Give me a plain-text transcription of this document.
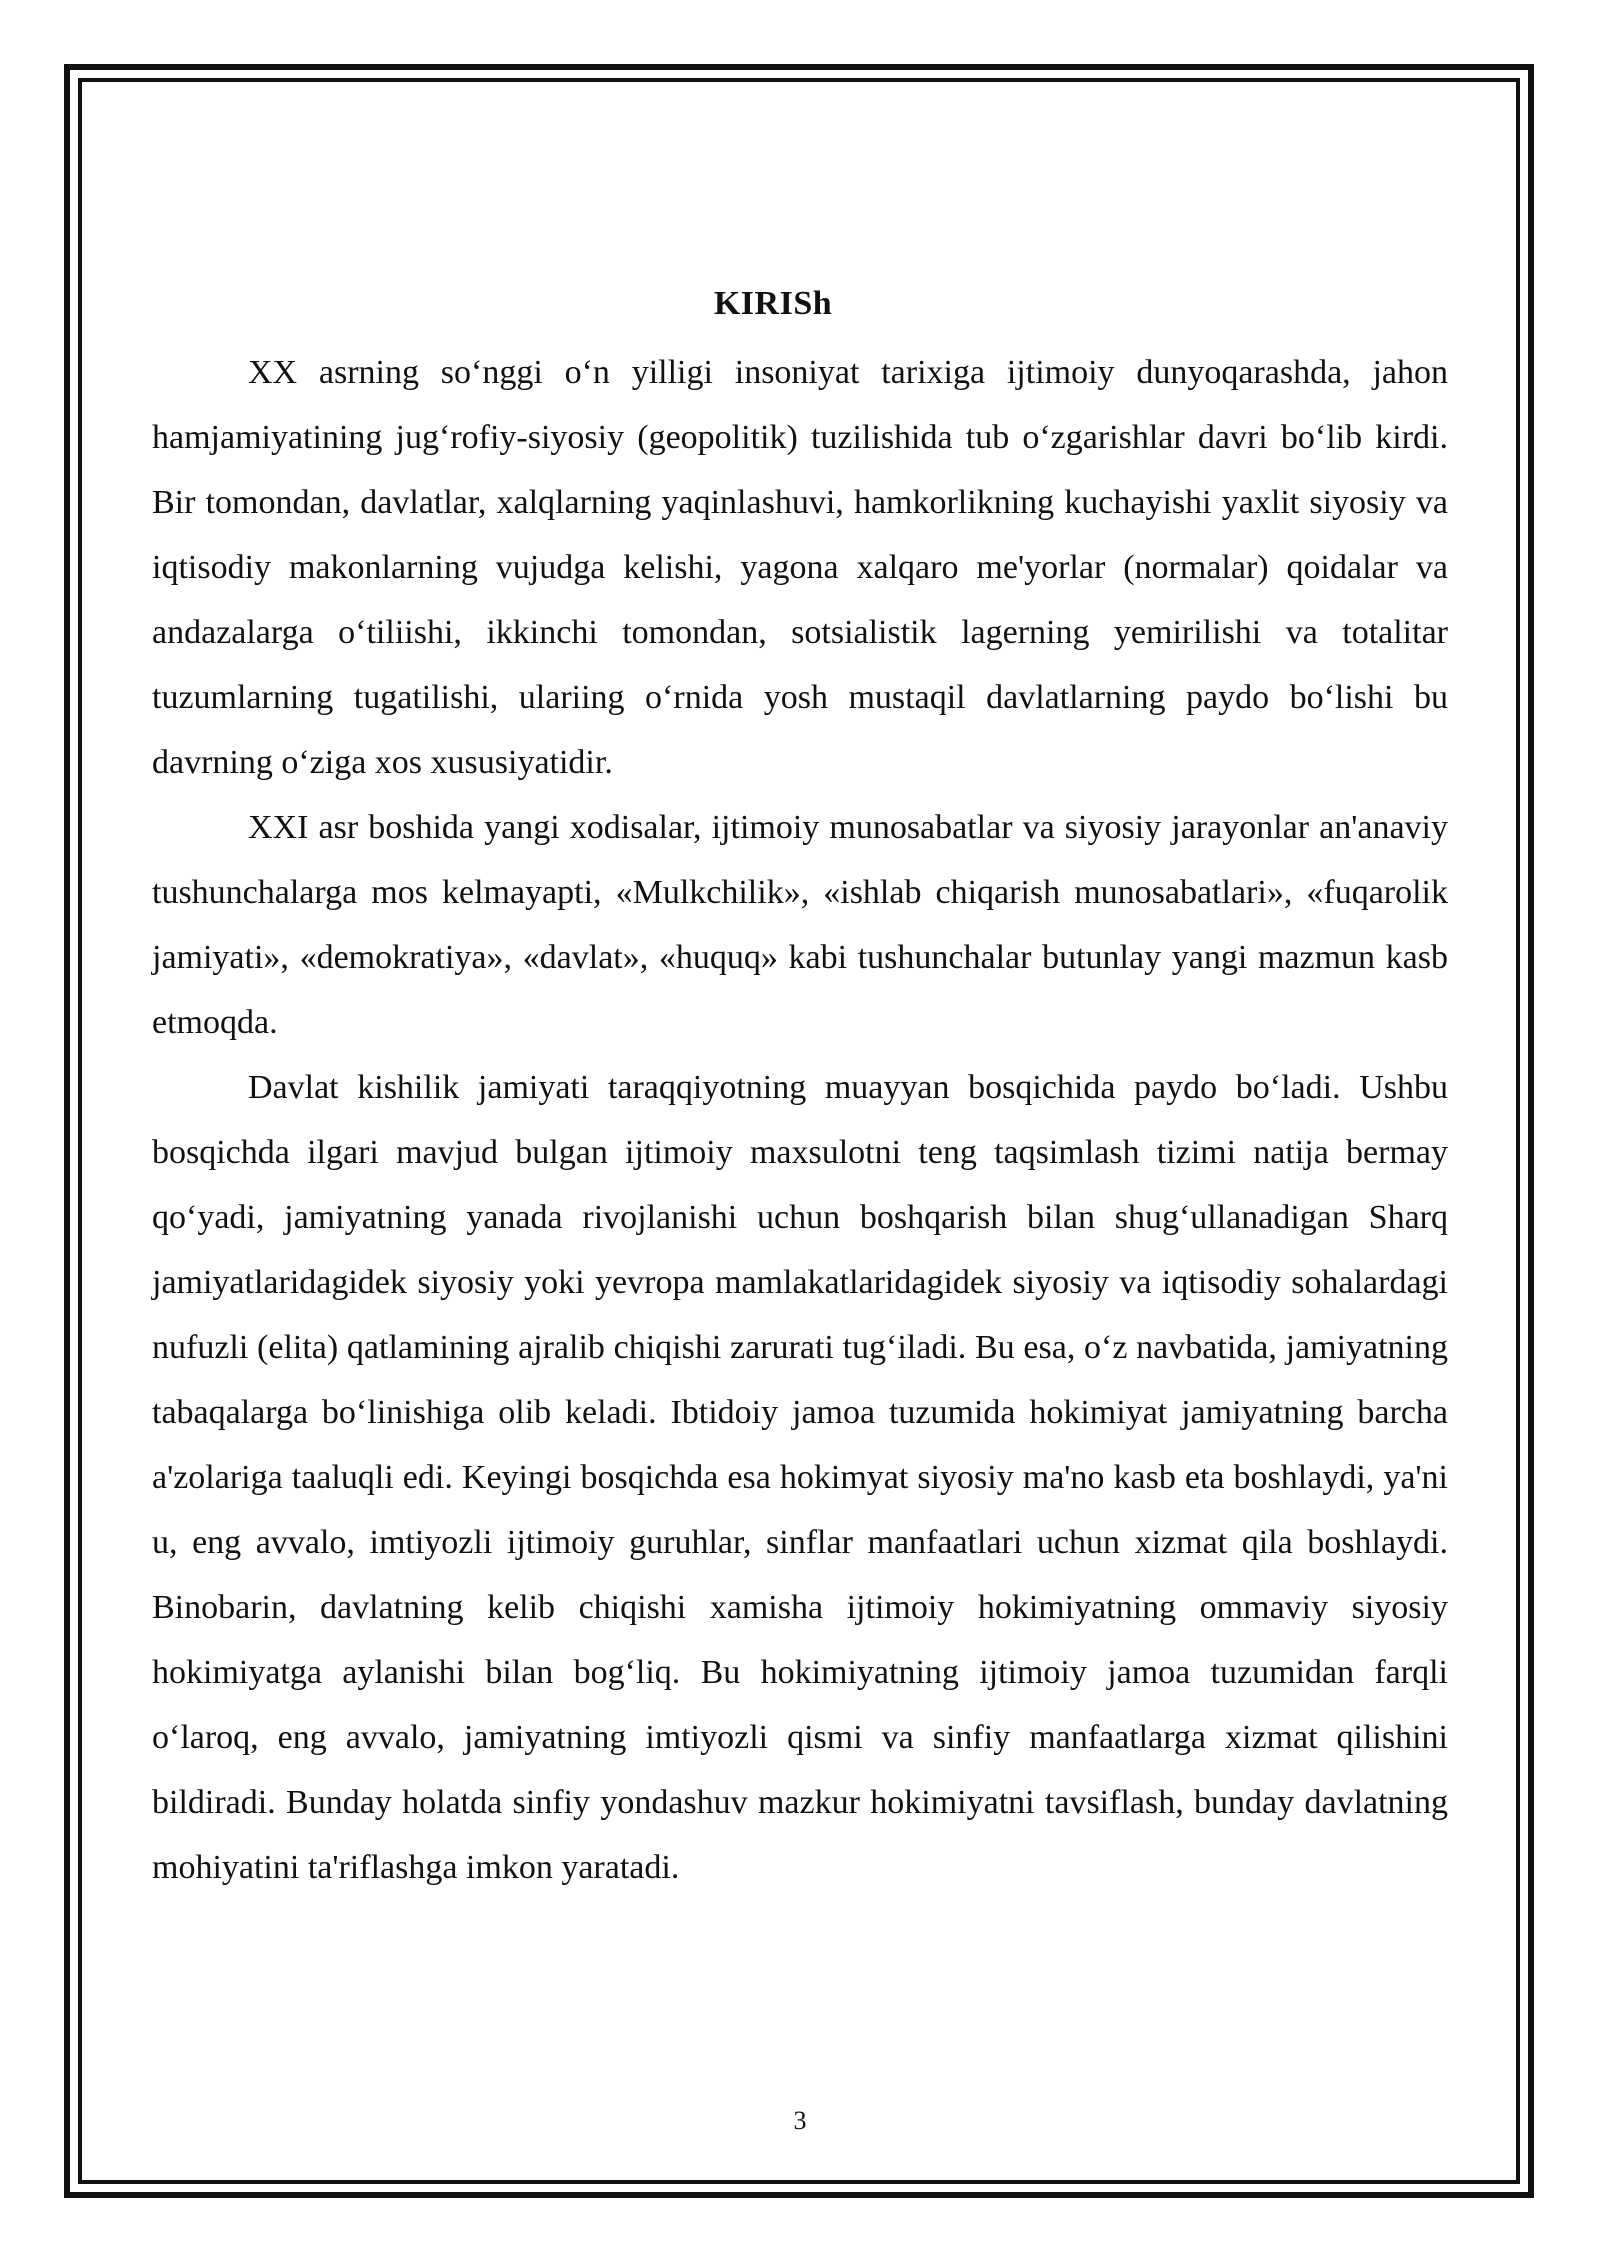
KIRISh

XX asrning so‘nggi o‘n yilligi insoniyat tarixiga ijtimoiy dunyoqarashda, jahon hamjamiyatining jug‘rofiy-siyosiy (geopolitik) tuzilishida tub o‘zgarishlar davri bo‘lib kirdi. Bir tomondan, davlatlar, xalqlarning yaqinlashuvi, hamkorlikning kuchayishi yaxlit siyosiy va iqtisodiy makonlarning vujudga kelishi, yagona xalqaro me'yorlar (normalar) qoidalar va andazalarga o‘tiliishi, ikkinchi tomondan, sotsialistik lagerning yemirilishi va totalitar tuzumlarning tugatilishi, ulariing o‘rnida yosh mustaqil davlatlarning paydo bo‘lishi bu davrning o‘ziga xos xususiyatidir.

XXI asr boshida yangi xodisalar, ijtimoiy munosabatlar va siyosiy jarayonlar an'anaviy tushunchalarga mos kelmayapti, «Mulkchilik», «ishlab chiqarish munosabatlari», «fuqarolik jamiyati», «demokratiya», «davlat», «huquq» kabi tushunchalar butunlay yangi mazmun kasb etmoqda.

Davlat kishilik jamiyati taraqqiyotning muayyan bosqichida paydo bo‘ladi. Ushbu bosqichda ilgari mavjud bulgan ijtimoiy maxsulotni teng taqsimlash tizimi natija bermay qo‘yadi, jamiyatning yanada rivojlanishi uchun boshqarish bilan shug‘ullanadigan Sharq jamiyatlaridagidek siyosiy yoki yevropa mamlakatlaridagidek siyosiy va iqtisodiy sohalardagi nufuzli (elita) qatlamining ajralib chiqishi zarurati tug‘iladi. Bu esa, o‘z navbatida, jamiyatning tabaqalarga bo‘linishiga olib keladi. Ibtidoiy jamoa tuzumida hokimiyat jamiyatning barcha a'zolariga taaluqli edi. Keyingi bosqichda esa hokimyat siyosiy ma'no kasb eta boshlaydi, ya'ni u, eng avvalo, imtiyozli ijtimoiy guruhlar, sinflar manfaatlari uchun xizmat qila boshlaydi. Binobarin, davlatning kelib chiqishi xamisha ijtimoiy hokimiyatning ommaviy siyosiy hokimiyatga aylanishi bilan bog‘liq. Bu hokimiyatning ijtimoiy jamoa tuzumidan farqli o‘laroq, eng avvalo, jamiyatning imtiyozli qismi va sinfiy manfaatlarga xizmat qilishini bildiradi. Bunday holatda sinfiy yondashuv mazkur hokimiyatni tavsiflash, bunday davlatning mohiyatini ta'riflashga imkon yaratadi.

3
